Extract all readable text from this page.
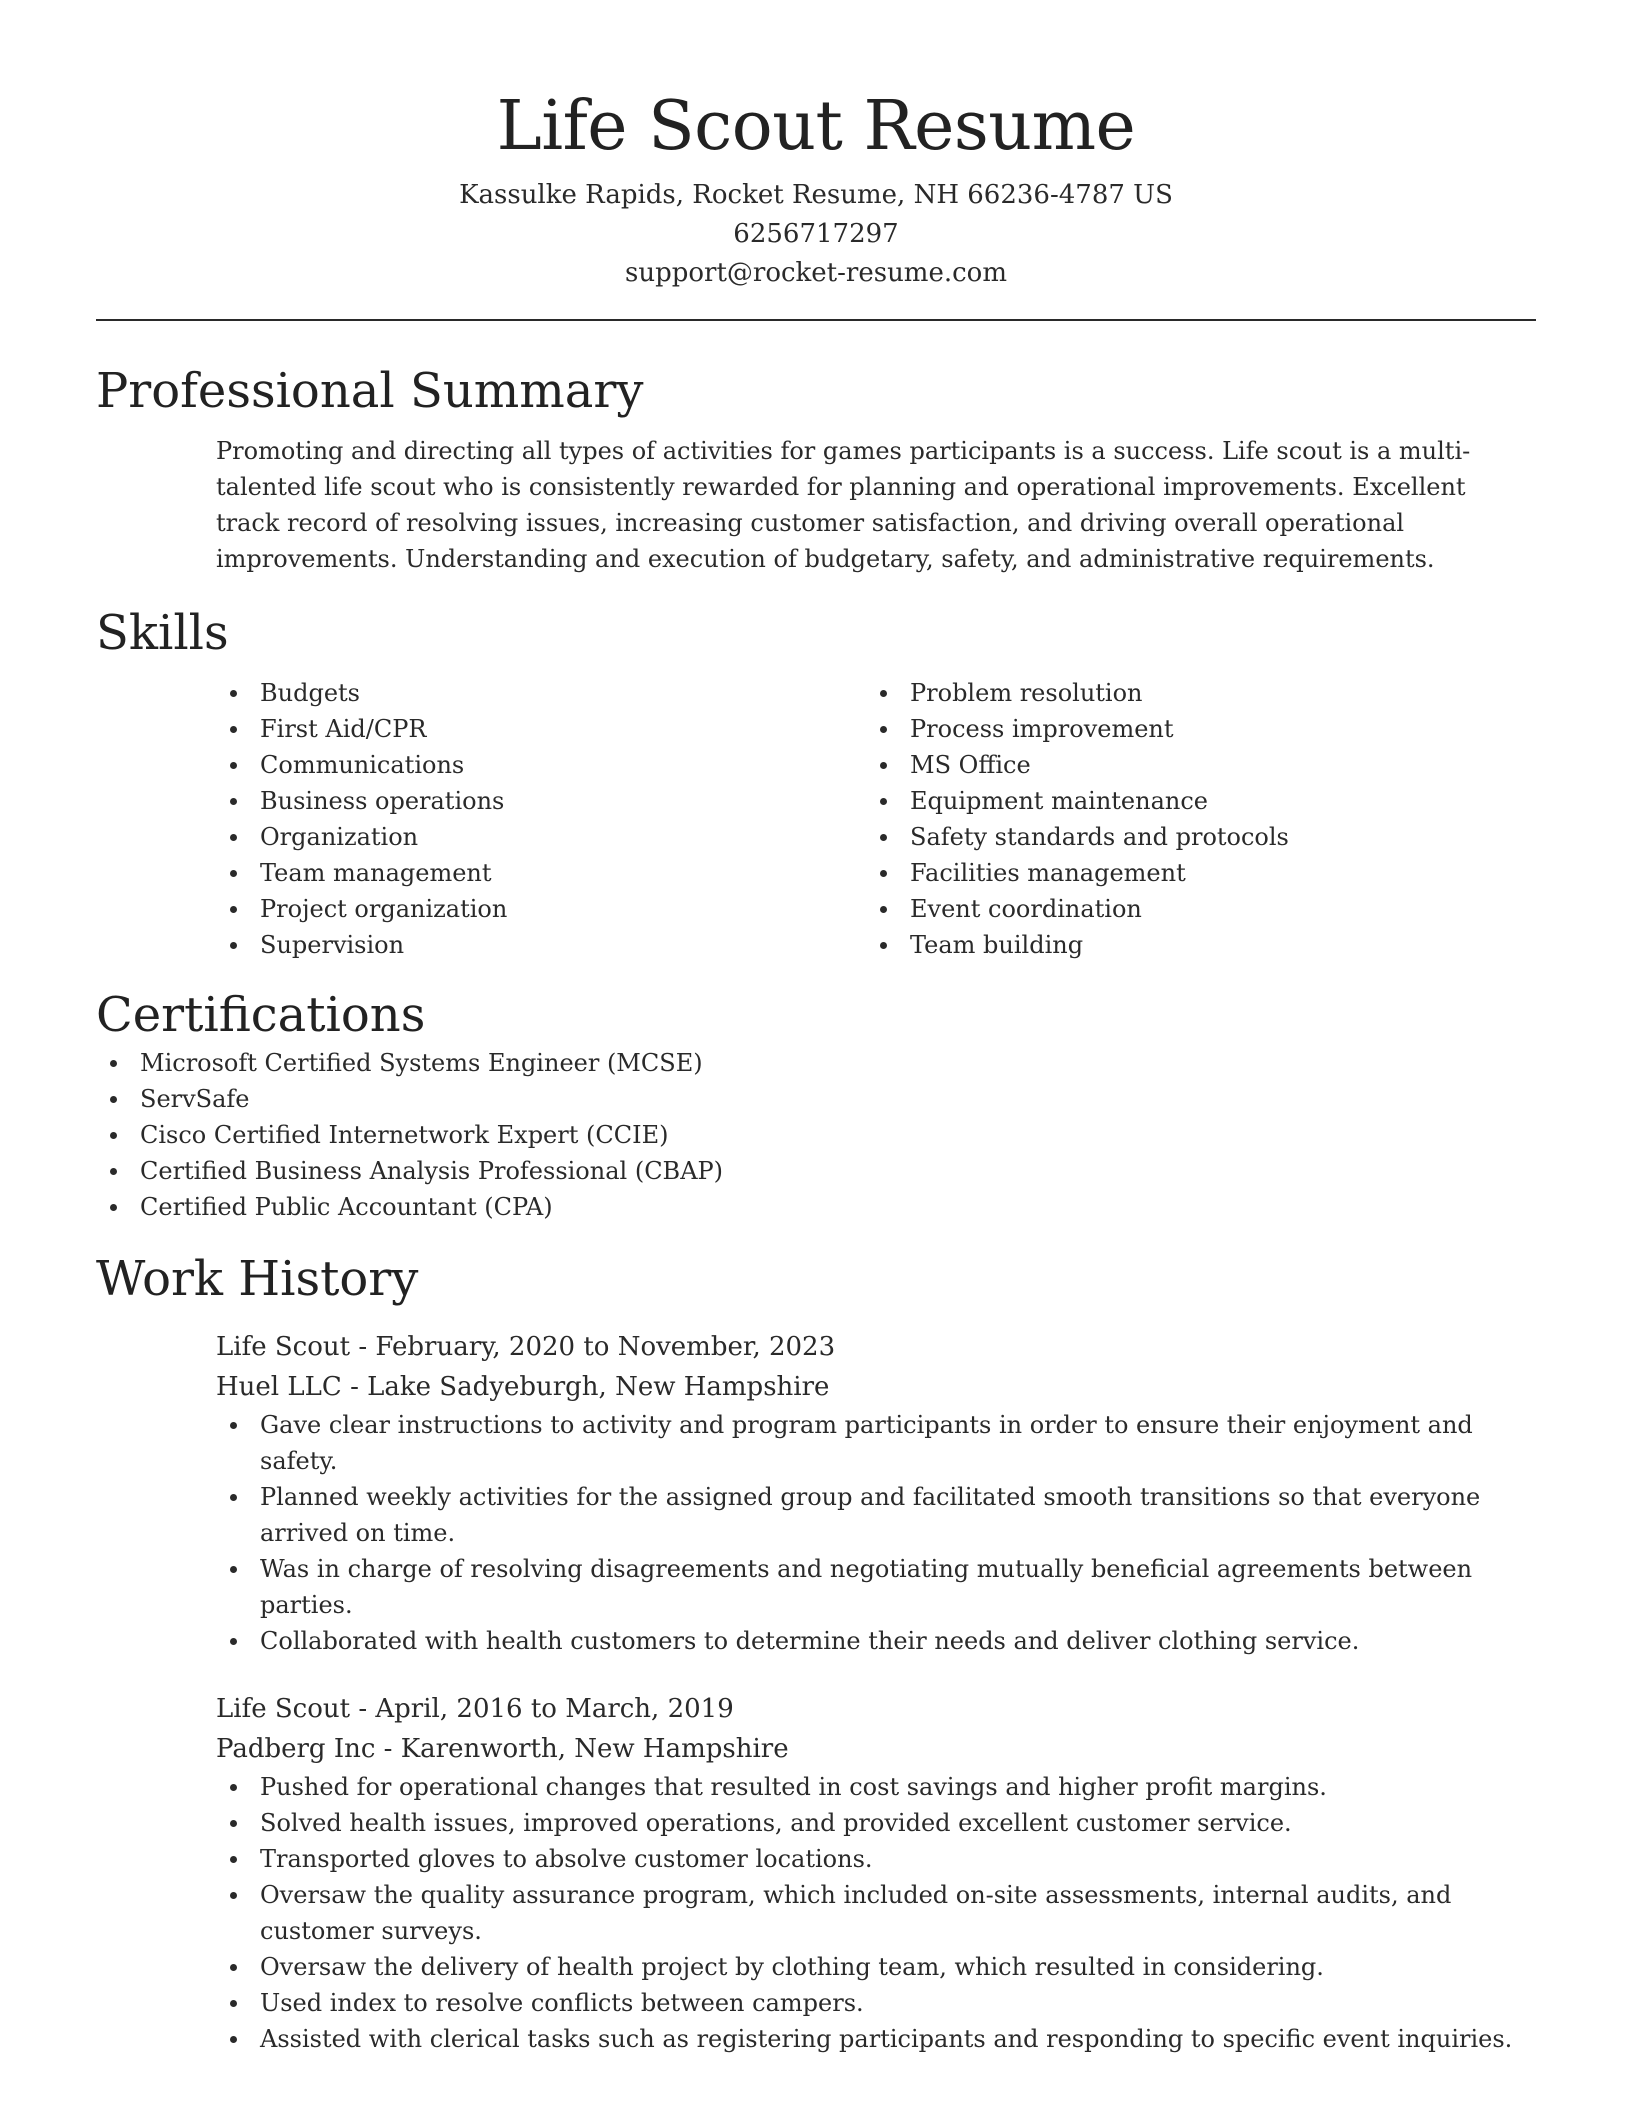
Life Scout Resume
Kassulke Rapids, Rocket Resume, NH 66236-4787 US
6256717297
support@rocket-resume.com
Professional Summary
Promoting and directing all types of activities for games participants is a success. Life scout is a multi-talented life scout who is consistently rewarded for planning and operational improvements. Excellent track record of resolving issues, increasing customer satisfaction, and driving overall operational improvements. Understanding and execution of budgetary, safety, and administrative requirements.
Skills
Budgets
First Aid/CPR
Communications
Business operations
Organization
Team management
Project organization
Supervision
Problem resolution
Process improvement
MS Office
Equipment maintenance
Safety standards and protocols
Facilities management
Event coordination
Team building
Certifications
Microsoft Certified Systems Engineer (MCSE)
ServSafe
Cisco Certified Internetwork Expert (CCIE)
Certified Business Analysis Professional (CBAP)
Certified Public Accountant (CPA)
Work History
Life Scout - February, 2020 to November, 2023
Huel LLC - Lake Sadyeburgh, New Hampshire
Gave clear instructions to activity and program participants in order to ensure their enjoyment and safety.
Planned weekly activities for the assigned group and facilitated smooth transitions so that everyone arrived on time.
Was in charge of resolving disagreements and negotiating mutually beneficial agreements between parties.
Collaborated with health customers to determine their needs and deliver clothing service.
Life Scout - April, 2016 to March, 2019
Padberg Inc - Karenworth, New Hampshire
Pushed for operational changes that resulted in cost savings and higher profit margins.
Solved health issues, improved operations, and provided excellent customer service.
Transported gloves to absolve customer locations.
Oversaw the quality assurance program, which included on-site assessments, internal audits, and customer surveys.
Oversaw the delivery of health project by clothing team, which resulted in considering.
Used index to resolve conflicts between campers.
Assisted with clerical tasks such as registering participants and responding to specific event inquiries.
